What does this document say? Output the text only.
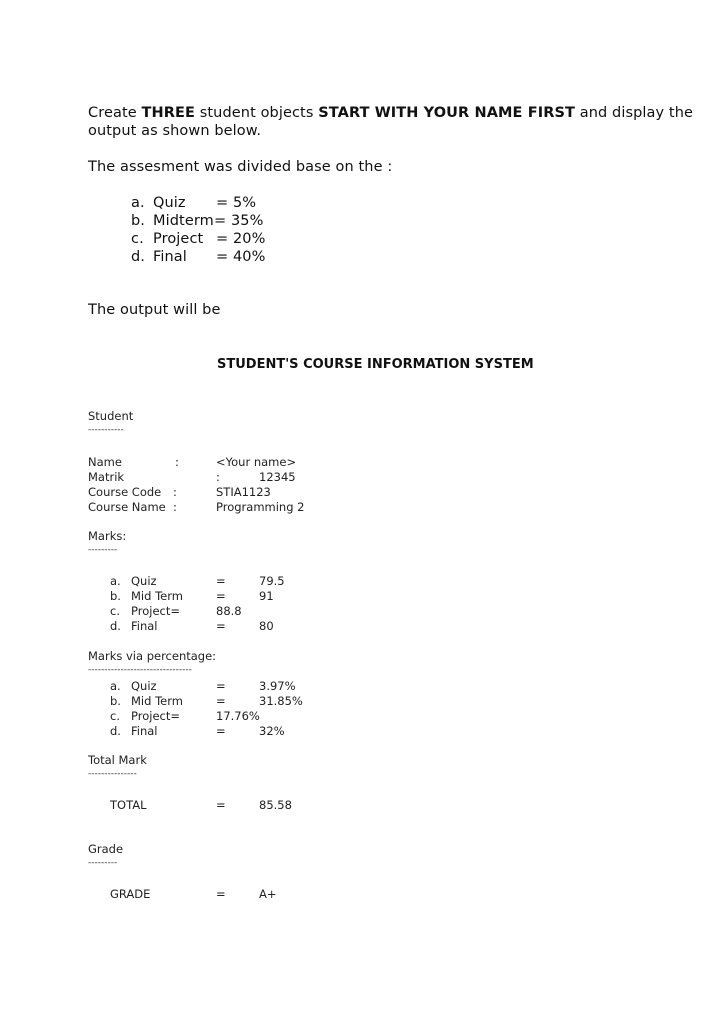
Create THREE student objects START WITH YOUR NAME FIRST and display the
output as shown below.
The assesment was divided base on the :
a. Quiz = 5%
b. Midterm = 35%
c. Project = 20%
d. Final = 40%
The output will be
STUDENT'S COURSE INFORMATION SYSTEM
Student
-----------
Name	:	<Your name>
Matrik	:	12345
Course Code :	STIA1123
Course Name :	Programming 2
Marks:
---------
a. Quiz	=	79.5
b. Mid Term	=	91
c. Project=	88.8
d. Final	=	80
Marks via percentage:
--------------------------------
a. Quiz	=	3.97%
b. Mid Term	=	31.85%
c. Project=	17.76%
d. Final	=	32%
Total Mark
---------------
TOTAL	=	85.58
Grade
---------
GRADE	=	A+
